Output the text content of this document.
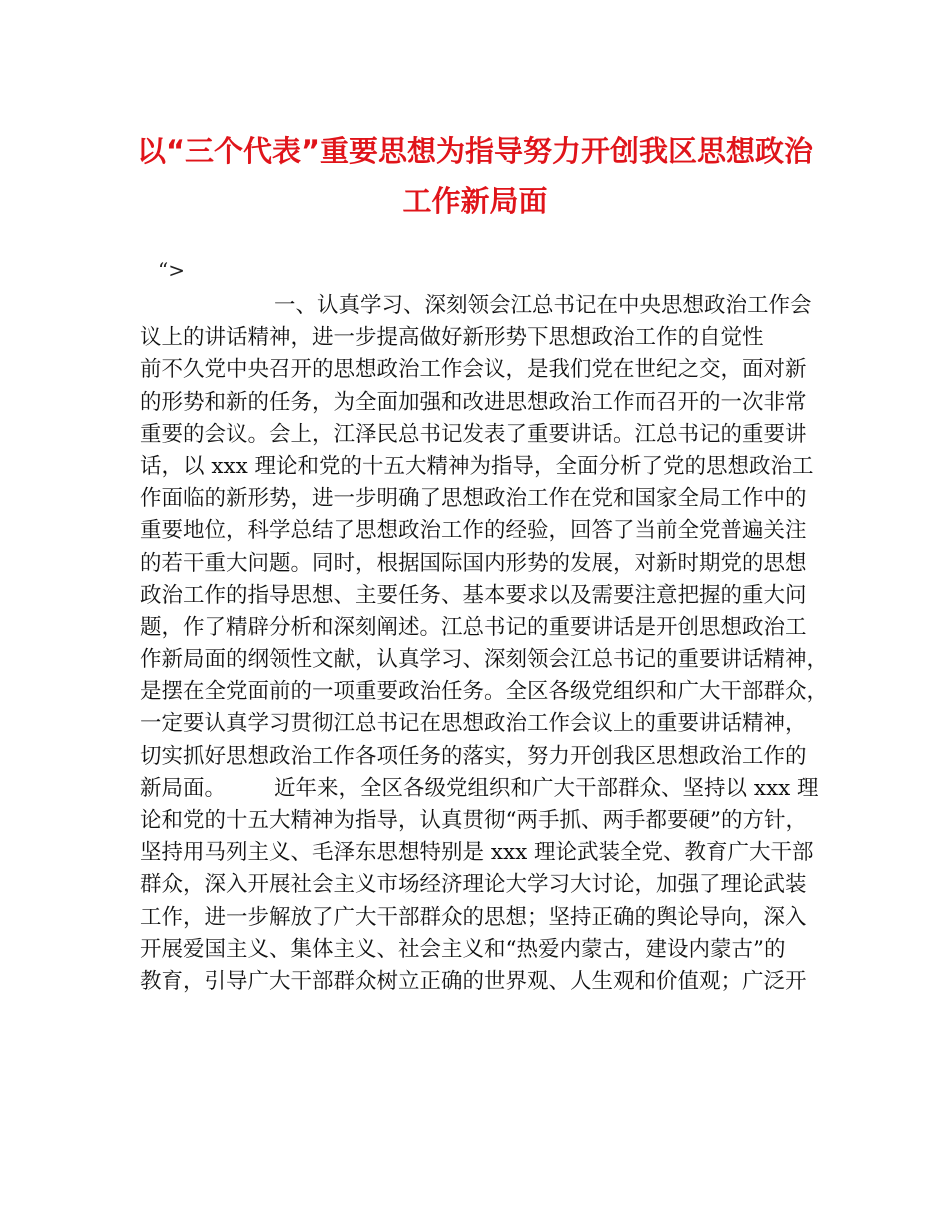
以“三个代表”重要思想为指导努力开创我区思想政治
工作新局面
“>
一、认真学习、深刻领会江总书记在中央思想政治工作会
议上的讲话精神，进一步提高做好新形势下思想政治工作的自觉性
前不久党中央召开的思想政治工作会议，是我们党在世纪之交，面对新
的形势和新的任务，为全面加强和改进思想政治工作而召开的一次非常
重要的会议。会上，江泽民总书记发表了重要讲话。江总书记的重要讲
话，以 xxx 理论和党的十五大精神为指导，全面分析了党的思想政治工
作面临的新形势，进一步明确了思想政治工作在党和国家全局工作中的
重要地位，科学总结了思想政治工作的经验，回答了当前全党普遍关注
的若干重大问题。同时，根据国际国内形势的发展，对新时期党的思想
政治工作的指导思想、主要任务、基本要求以及需要注意把握的重大问
题，作了精辟分析和深刻阐述。江总书记的重要讲话是开创思想政治工
作新局面的纲领性文献，认真学习、深刻领会江总书记的重要讲话精神，
是摆在全党面前的一项重要政治任务。全区各级党组织和广大干部群众，
一定要认真学习贯彻江总书记在思想政治工作会议上的重要讲话精神，
切实抓好思想政治工作各项任务的落实，努力开创我区思想政治工作的
新局面。 近年来，全区各级党组织和广大干部群众、坚持以 xxx 理
论和党的十五大精神为指导，认真贯彻“两手抓、两手都要硬”的方针，
坚持用马列主义、毛泽东思想特别是 xxx 理论武装全党、教育广大干部
群众，深入开展社会主义市场经济理论大学习大讨论，加强了理论武装
工作，进一步解放了广大干部群众的思想；坚持正确的舆论导向，深入
开展爱国主义、集体主义、社会主义和“热爱内蒙古，建设内蒙古”的
教育，引导广大干部群众树立正确的世界观、人生观和价值观；广泛开
